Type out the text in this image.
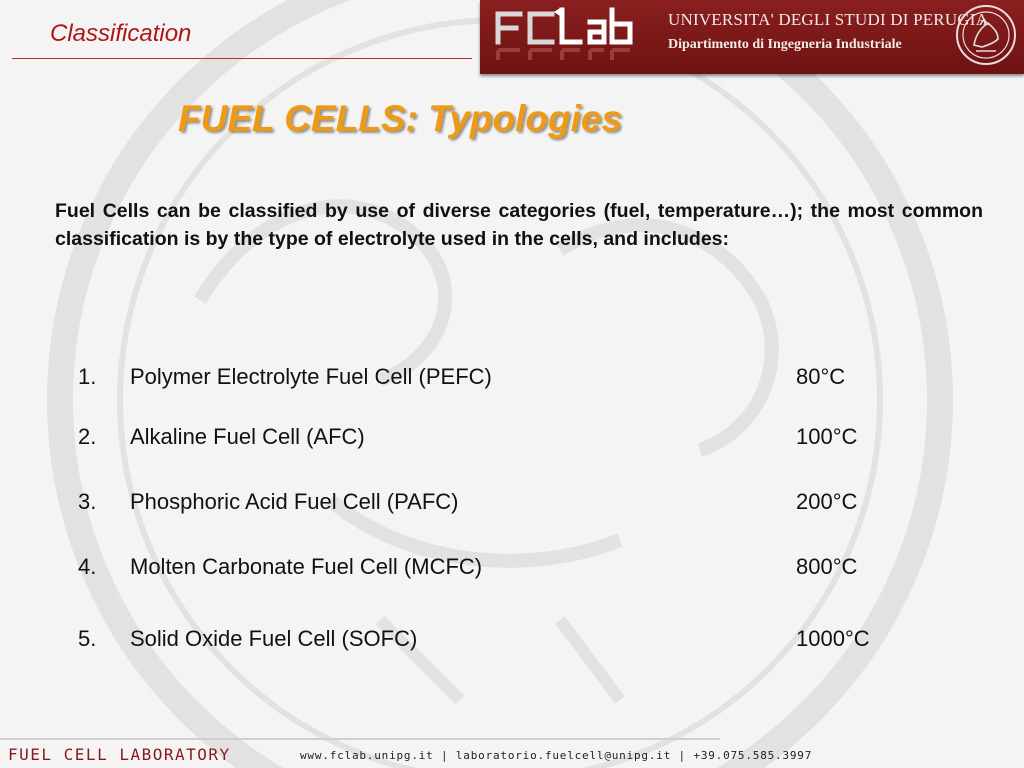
Classification
UNIVERSITA' DEGLI STUDI DI PERUGIA
Dipartimento di Ingegneria Industriale
FUEL CELLS: Typologies

Fuel Cells can be classified by use of diverse categories (fuel, temperature…); the most common classification is by the type of electrolyte used in the cells, and includes:

1. Polymer Electrolyte Fuel Cell (PEFC)	80°C
2. Alkaline Fuel Cell (AFC)	100°C
3. Phosphoric Acid Fuel Cell (PAFC)	200°C
4. Molten Carbonate Fuel Cell (MCFC)	800°C
5. Solid Oxide Fuel Cell (SOFC)	1000°C
FUEL CELL LABORATORY	www.fclab.unipg.it | laboratorio.fuelcell@unipg.it | +39.075.585.3997
